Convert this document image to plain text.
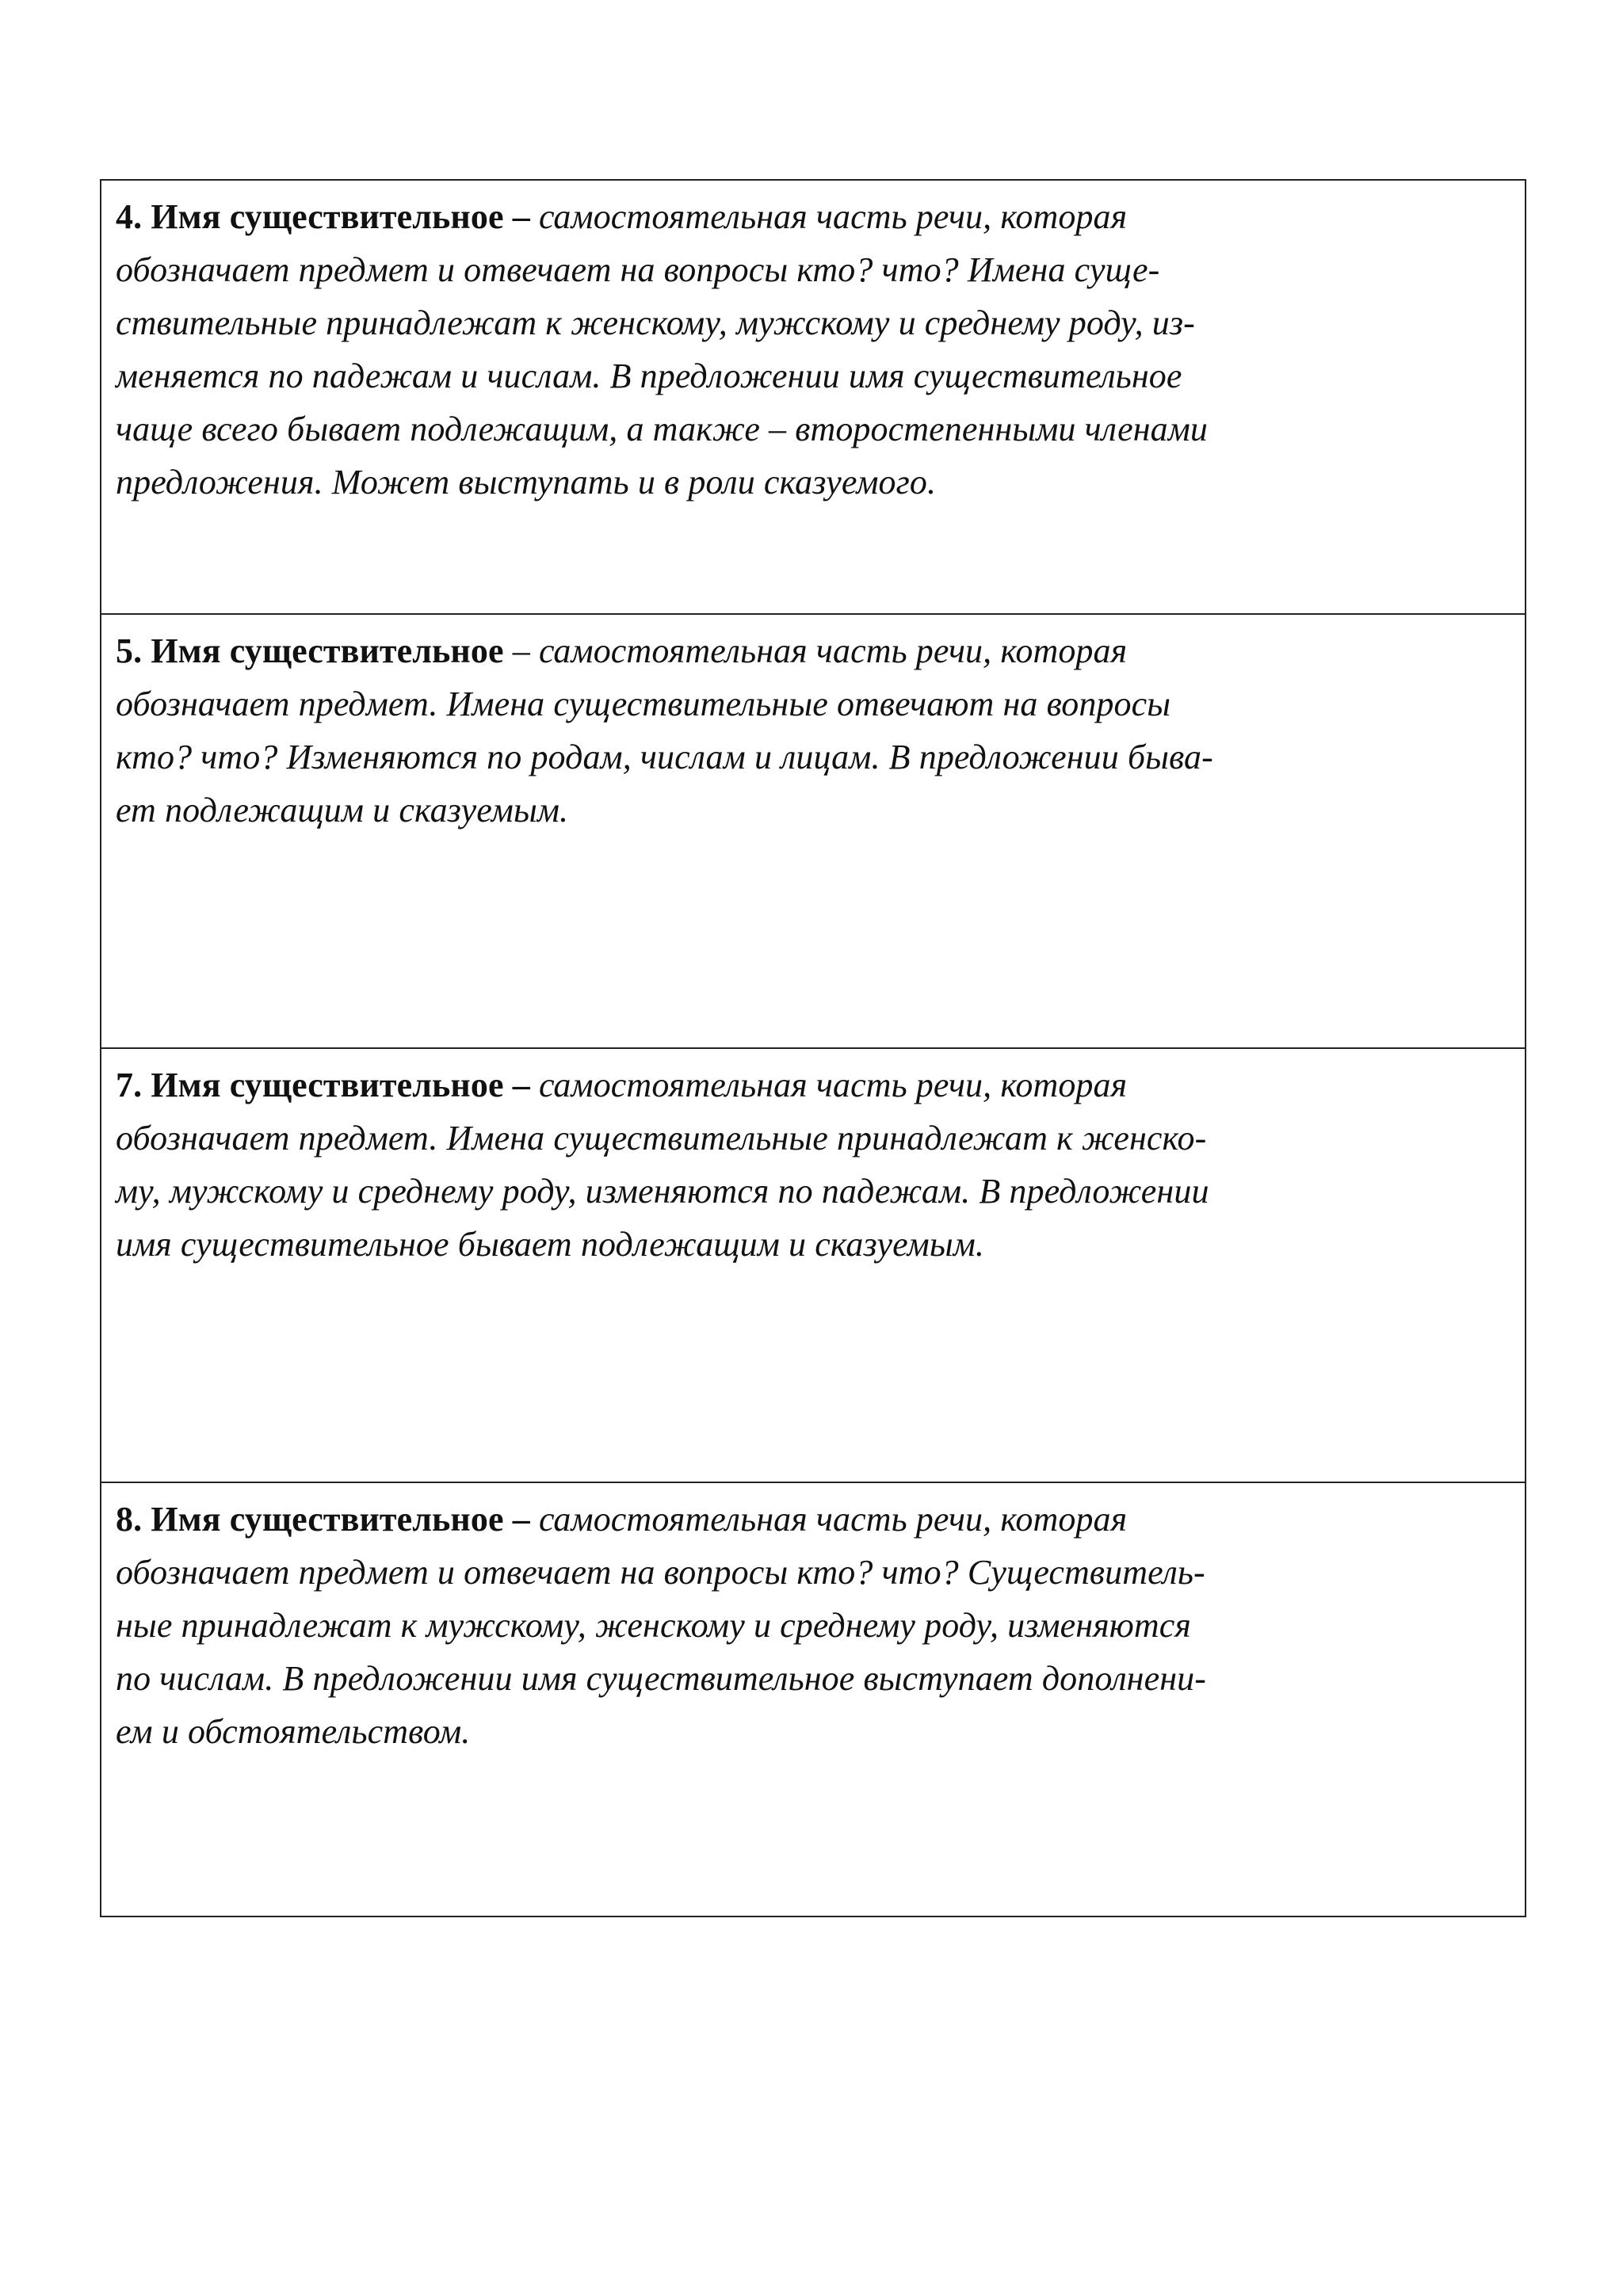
4. Имя существительное – самостоятельная часть речи, которая
обозначает предмет и отвечает на вопросы кто? что? Имена суще-
ствительные принадлежат к женскому, мужскому и среднему роду, из-
меняется по падежам и числам. В предложении имя существительное
чаще всего бывает подлежащим, а также – второстепенными членами
предложения. Может выступать и в роли сказуемого.

5. Имя существительное – самостоятельная часть речи, которая
обозначает предмет. Имена существительные отвечают на вопросы
кто? что? Изменяются по родам, числам и лицам. В предложении быва-
ет подлежащим и сказуемым.

7. Имя существительное – самостоятельная часть речи, которая
обозначает предмет. Имена существительные принадлежат к женско-
му, мужскому и среднему роду, изменяются по падежам. В предложении
имя существительное бывает подлежащим и сказуемым.

8. Имя существительное – самостоятельная часть речи, которая
обозначает предмет и отвечает на вопросы кто? что? Существитель-
ные принадлежат к мужскому, женскому и среднему роду, изменяются
по числам. В предложении имя существительное выступает дополнени-
ем и обстоятельством.
